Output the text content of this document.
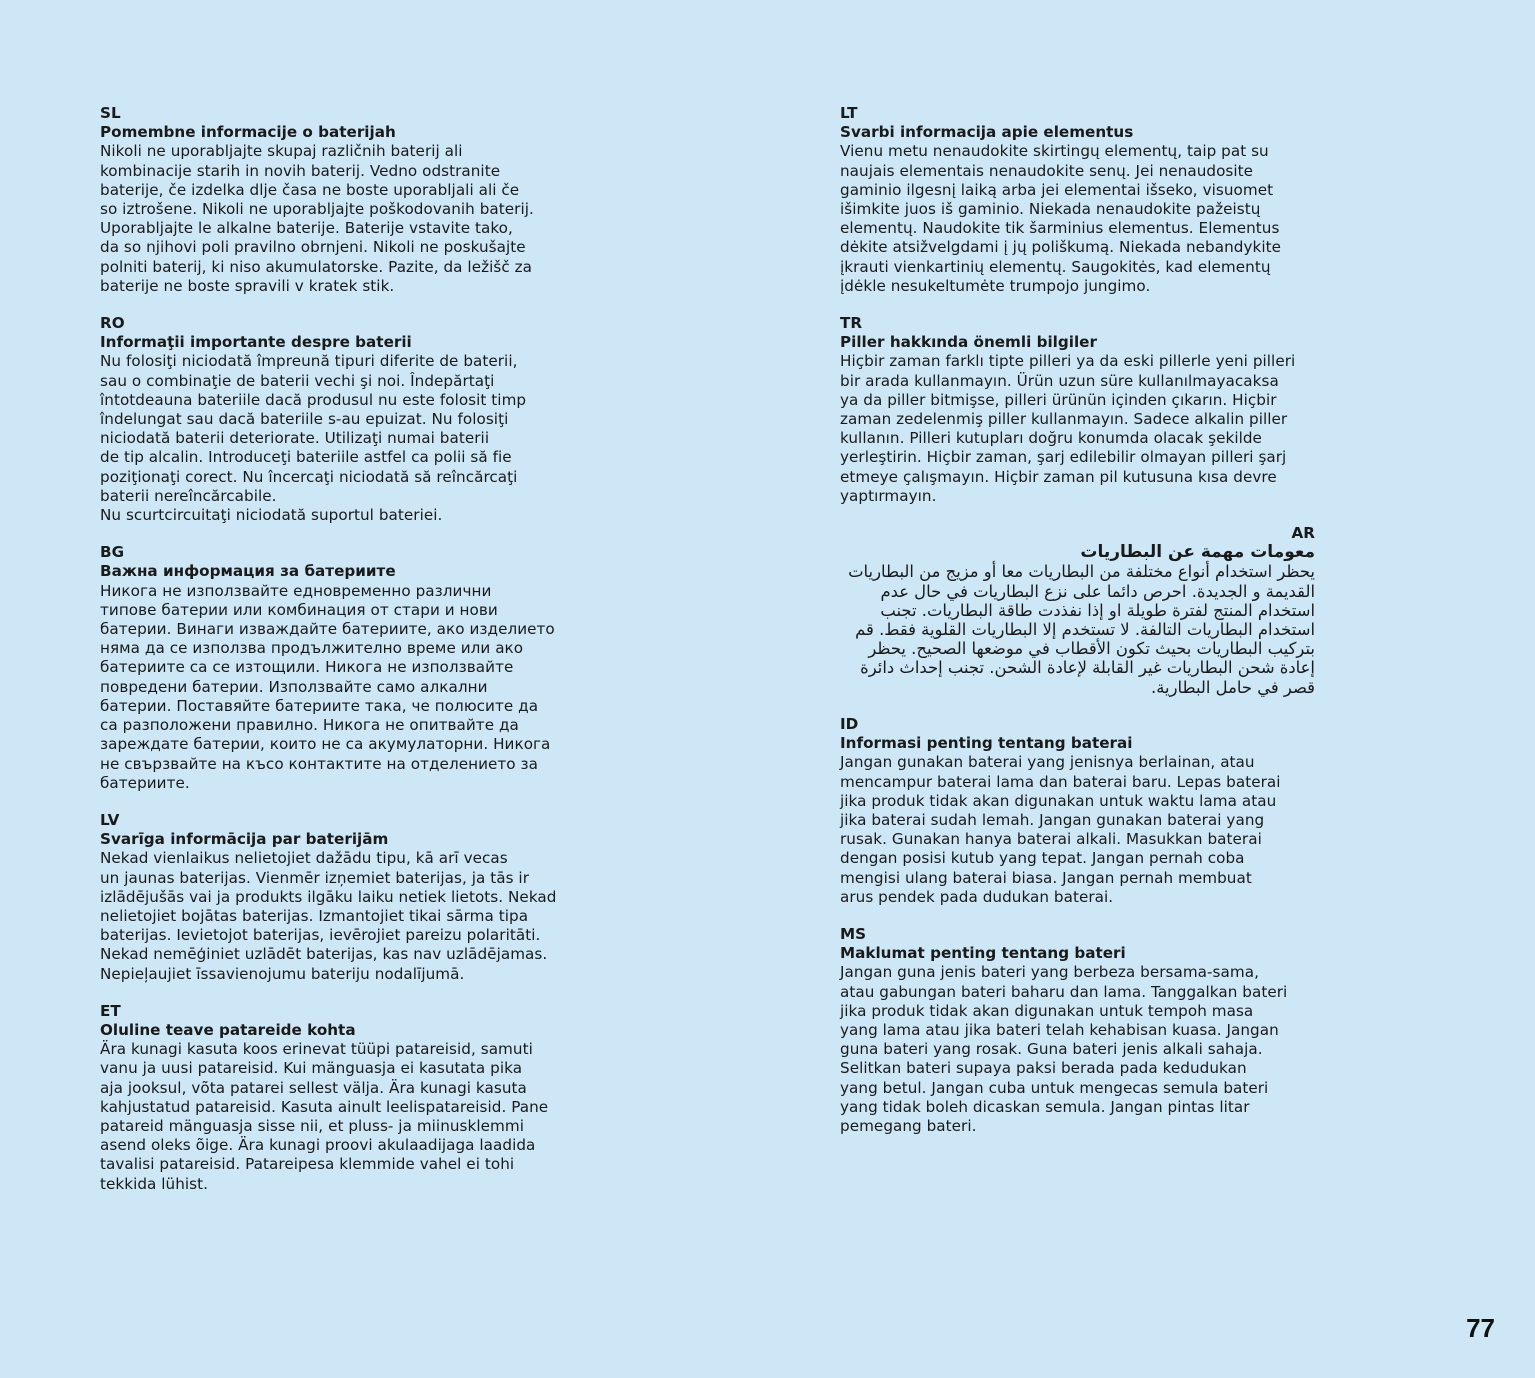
SL
Pomembne informacije o baterijah
Nikoli ne uporabljajte skupaj različnih baterij ali
kombinacije starih in novih baterij. Vedno odstranite
baterije, če izdelka dlje časa ne boste uporabljali ali če
so iztrošene. Nikoli ne uporabljajte poškodovanih baterij.
Uporabljajte le alkalne baterije. Baterije vstavite tako,
da so njihovi poli pravilno obrnjeni. Nikoli ne poskušajte
polniti baterij, ki niso akumulatorske. Pazite, da ležišč za
baterije ne boste spravili v kratek stik.
RO
Informaţii importante despre baterii
Nu folosiţi niciodată împreună tipuri diferite de baterii,
sau o combinaţie de baterii vechi şi noi. Îndepărtaţi
întotdeauna bateriile dacă produsul nu este folosit timp
îndelungat sau dacă bateriile s-au epuizat. Nu folosiţi
niciodată baterii deteriorate. Utilizaţi numai baterii
de tip alcalin. Introduceţi bateriile astfel ca polii să fie
poziţionaţi corect. Nu încercaţi niciodată să reîncărcaţi
baterii nereîncărcabile.
Nu scurtcircuitaţi niciodată suportul bateriei.
BG
Важна информация за батериите
Никога не използвайте едновременно различни
типове батерии или комбинация от стари и нови
батерии. Винаги изваждайте батериите, ако изделието
няма да се използва продължително време или ако
батериите са се изтощили. Никога не използвайте
повредени батерии. Използвайте само алкални
батерии. Поставяйте батериите така, че полюсите да
са разположени правилно. Никога не опитвайте да
зареждате батерии, които не са акумулаторни. Никога
не свързвайте на късо контактите на отделението за
батериите.
LV
Svarīga informācija par baterijām
Nekad vienlaikus nelietojiet dažādu tipu, kā arī vecas
un jaunas baterijas. Vienmēr izņemiet baterijas, ja tās ir
izlādējušās vai ja produkts ilgāku laiku netiek lietots. Nekad
nelietojiet bojātas baterijas. Izmantojiet tikai sārma tipa
baterijas. Ievietojot baterijas, ievērojiet pareizu polaritāti.
Nekad nemēģiniet uzlādēt baterijas, kas nav uzlādējamas.
Nepieļaujiet īssavienojumu bateriju nodalījumā.
ET
Oluline teave patareide kohta
Ära kunagi kasuta koos erinevat tüüpi patareisid, samuti
vanu ja uusi patareisid. Kui mänguasja ei kasutata pika
aja jooksul, võta patarei sellest välja. Ära kunagi kasuta
kahjustatud patareisid. Kasuta ainult leelispatareisid. Pane
patareid mänguasja sisse nii, et pluss- ja miinusklemmi
asend oleks õige. Ära kunagi proovi akulaadijaga laadida
tavalisi patareisid. Patareipesa klemmide vahel ei tohi
tekkida lühist.
LT
Svarbi informacija apie elementus
Vienu metu nenaudokite skirtingų elementų, taip pat su
naujais elementais nenaudokite senų. Jei nenaudosite
gaminio ilgesnį laiką arba jei elementai išseko, visuomet
išimkite juos iš gaminio. Niekada nenaudokite pažeistų
elementų. Naudokite tik šarminius elementus. Elementus
dėkite atsižvelgdami į jų poliškumą. Niekada nebandykite
įkrauti vienkartinių elementų. Saugokitės, kad elementų
įdėkle nesukeltumėte trumpojo jungimo.
TR
Piller hakkında önemli bilgiler
Hiçbir zaman farklı tipte pilleri ya da eski pillerle yeni pilleri
bir arada kullanmayın. Ürün uzun süre kullanılmayacaksa
ya da piller bitmişse, pilleri ürünün içinden çıkarın. Hiçbir
zaman zedelenmiş piller kullanmayın. Sadece alkalin piller
kullanın. Pilleri kutupları doğru konumda olacak şekilde
yerleştirin. Hiçbir zaman, şarj edilebilir olmayan pilleri şarj
etmeye çalışmayın. Hiçbir zaman pil kutusuna kısa devre
yaptırmayın.
AR
معومات مهمة عن البطاريات
يحظر استخدام أنواع مختلفة من البطاريات معا أو مزيج من البطاريات
القديمة و الجديدة. احرص دائما على نزع البطاريات في حال عدم
استخدام المنتج لفترة طويلة او إذا نفذدت طاقة البطاريات. تجنب
استخدام البطاريات التالفة. لا تستخدم إلا البطاريات القلوية فقط. قم
بتركيب البطاريات بحيث تكون الأقطاب في موضعها الصحيح. يحظر
إعادة شحن البطاريات غير القابلة لإعادة الشحن. تجنب إحداث دائرة
قصر في حامل البطارية.
ID
Informasi penting tentang baterai
Jangan gunakan baterai yang jenisnya berlainan, atau
mencampur baterai lama dan baterai baru. Lepas baterai
jika produk tidak akan digunakan untuk waktu lama atau
jika baterai sudah lemah. Jangan gunakan baterai yang
rusak. Gunakan hanya baterai alkali. Masukkan baterai
dengan posisi kutub yang tepat. Jangan pernah coba
mengisi ulang baterai biasa. Jangan pernah membuat
arus pendek pada dudukan baterai.
MS
Maklumat penting tentang bateri
Jangan guna jenis bateri yang berbeza bersama-sama,
atau gabungan bateri baharu dan lama. Tanggalkan bateri
jika produk tidak akan digunakan untuk tempoh masa
yang lama atau jika bateri telah kehabisan kuasa. Jangan
guna bateri yang rosak. Guna bateri jenis alkali sahaja.
Selitkan bateri supaya paksi berada pada kedudukan
yang betul. Jangan cuba untuk mengecas semula bateri
yang tidak boleh dicaskan semula. Jangan pintas litar
pemegang bateri.
77
